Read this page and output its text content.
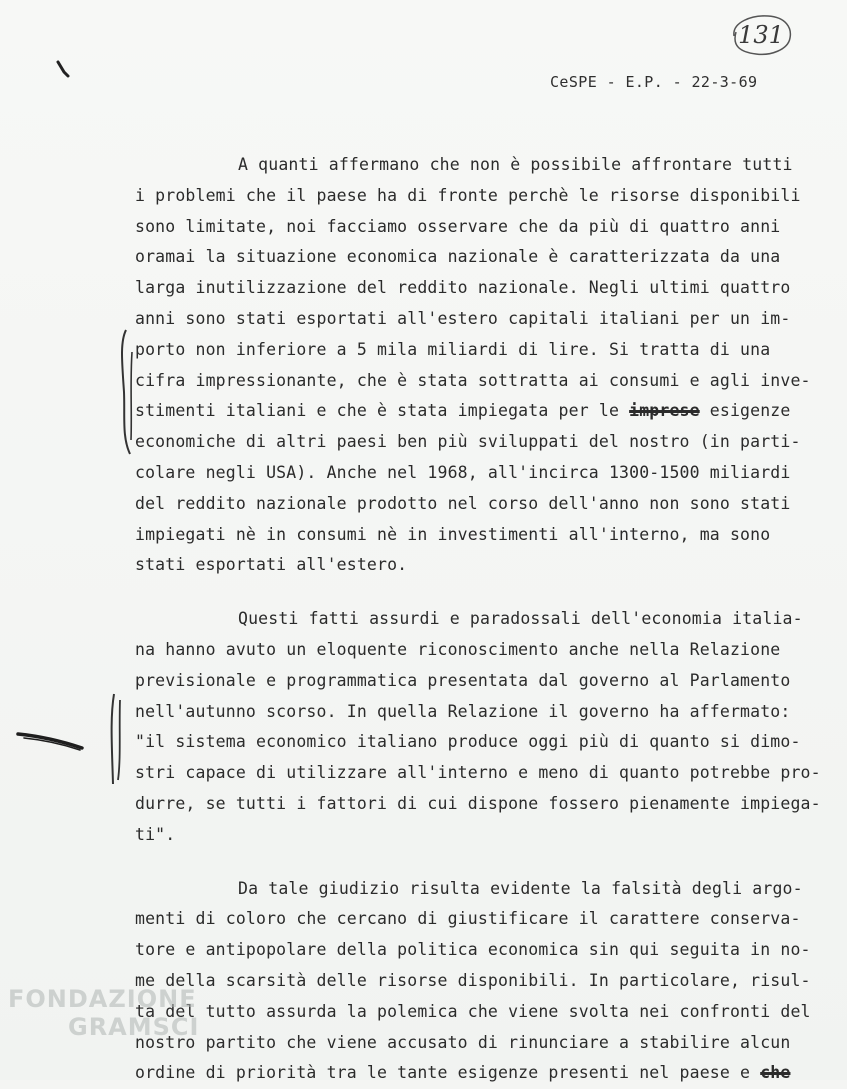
131
CeSPE - E.P. - 22-3-69
A quanti affermano che non è possibile affrontare tutti
i problemi che il paese ha di fronte perchè le risorse disponibili
sono limitate, noi facciamo osservare che da più di quattro anni
oramai la situazione economica nazionale è caratterizzata da una
larga inutilizzazione del reddito nazionale. Negli ultimi quattro
anni sono stati esportati all'estero capitali italiani per un im-
porto non inferiore a 5 mila miliardi di lire. Si tratta di una
cifra impressionante, che è stata sottratta ai consumi e agli inve-
stimenti italiani e che è stata impiegata per le imprese esigenze
economiche di altri paesi ben più sviluppati del nostro (in parti-
colare negli USA). Anche nel 1968, all'incirca 1300-1500 miliardi
del reddito nazionale prodotto nel corso dell'anno non sono stati
impiegati nè in consumi nè in investimenti all'interno, ma sono
stati esportati all'estero.
Questi fatti assurdi e paradossali dell'economia italia-
na hanno avuto un eloquente riconoscimento anche nella Relazione
previsionale e programmatica presentata dal governo al Parlamento
nell'autunno scorso. In quella Relazione il governo ha affermato:
"il sistema economico italiano produce oggi più di quanto si dimo-
stri capace di utilizzare all'interno e meno di quanto potrebbe pro-
durre, se tutti i fattori di cui dispone fossero pienamente impiega-
ti".
Da tale giudizio risulta evidente la falsità degli argo-
menti di coloro che cercano di giustificare il carattere conserva-
tore e antipopolare della politica economica sin qui seguita in no-
me della scarsità delle risorse disponibili. In particolare, risul-
ta del tutto assurda la polemica che viene svolta nei confronti del
nostro partito che viene accusato di rinunciare a stabilire alcun
ordine di priorità tra le tante esigenze presenti nel paese e che
FONDAZIONE
GRAMSCI
